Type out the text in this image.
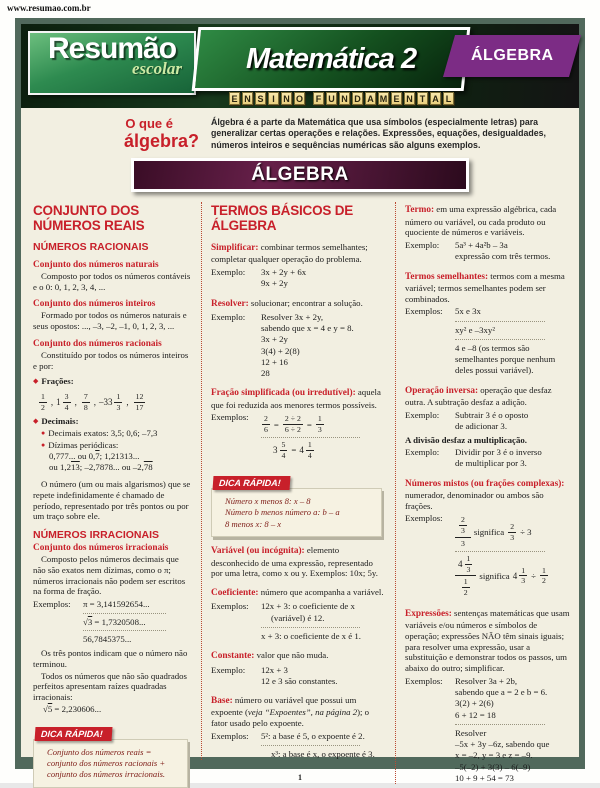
www.resumao.com.br
Resumão
escolar Matemática 2	ÁLGEBRA
E N S I N O	F U N D A M E N T A L
O que é
álgebra?
Álgebra é a parte da Matemática que usa símbolos (especialmente letras) para generalizar certas operações e relações. Expressões, equações, desigualdades, números inteiros e sequências numéricas são alguns exemplos.
ÁLGEBRA
CONJUNTO DOS NÚMEROS REAIS
NÚMEROS RACIONAIS
Conjunto dos números naturais
Composto por todos os números contáveis e o 0: 0, 1, 2, 3, 4, ...
Conjunto dos números inteiros
Formado por todos os números naturais e seus opostos: ..., –3, –2, –1, 0, 1, 2, 3, ...
Conjunto dos números racionais
Constituído por todos os números inteiros e por:
◆ Frações:
$\frac{1}{2}$ , $1 \frac{3}{4}$ , $\frac{7}{8}$ , $-33 \frac{1}{3}$ , $\frac{12}{17}$
◆ Decimais:
● Decimais exatos: 3,5; 0,6; –7,3
● Dízimas periódicas:
0,777... ou 0,7; 1,21313...
ou 1,213; –2,7878... ou –2,78
O número (um ou mais algarismos) que se repete indefinidamente é chamado de período, representado por três pontos ou por um traço sobre ele.
NÚMEROS IRRACIONAIS
Conjunto dos números irracionais
Composto pelos números decimais que não são exatos nem dízimas, como o π; números irracionais não podem ser escritos na forma de fração.
Exemplos:	π = 3,141592654...
√3 = 1,7320508...
56,7845375...
Os três pontos indicam que o número não terminou.
Todos os números que não são quadrados perfeitos apresentam raízes quadradas irracionais:
√5 = 2,230606...
DICA RÁPIDA!
Conjunto dos números reais = conjunto dos números racionais + conjunto dos números irracionais.
TERMOS BÁSICOS DE ÁLGEBRA
Simplificar: combinar termos semelhantes; completar qualquer operação do problema.
Exemplo:	3x + 2y + 6x
9x + 2y
Resolver: solucionar; encontrar a solução.
Exemplo:	Resolver 3x + 2y,
sabendo que x = 4 e y = 8.
3x + 2y
3(4) + 2(8)
12 + 16
28
Fração simplificada (ou irredutível): aquela que foi reduzida aos menores termos possíveis.
Exemplos:	$\frac{2}{6} = \frac{2 \div 2}{6 \div 2} = \frac{1}{3}$
$3 \frac{5}{4} = 4 \frac{1}{4}$
DICA RÁPIDA!
Número x menos 8: x – 8
Número b menos número a: b – a
8 menos x: 8 – x
Variável (ou incógnita): elemento desconhecido de uma expressão, representado por uma letra, como x ou y. Exemplos: 10x; 5y.
Coeficiente: número que acompanha a variável.
Exemplos:	12x + 3: o coeficiente de x
(variável) é 12.
x + 3: o coeficiente de x é 1.
Constante: valor que não muda.
Exemplo:	12x + 3
12 e 3 são constantes.
Base: número ou variável que possui um expoente (veja “Expoentes”, na página 2); o fator usado pelo expoente.
Exemplos:	5²: a base é 5, o expoente é 2.
x³: a base é x, o expoente é 3.
Termo: em uma expressão algébrica, cada número ou variável, ou cada produto ou quociente de números e variáveis.
Exemplo:	5a³ + 4a²b – 3a
expressão com três termos.
Termos semelhantes: termos com a mesma variável; termos semelhantes podem ser combinados.
Exemplos:	5x e 3x
xy² e –3xy²
4 e –8 (os termos são semelhantes porque nenhum deles possui variável).
Operação inversa: operação que desfaz outra. A subtração desfaz a adição.
Exemplo:	Subtrair 3 é o oposto
de adicionar 3.
A divisão desfaz a multiplicação.
Exemplo:	Dividir por 3 é o inverso
de multiplicar por 3.
Números mistos (ou frações complexas): numerador, denominador ou ambos são frações.
Exemplos:	$\frac{2}{3}$
3
significa $\frac{2}{3} \div 3$
$4 \frac{1}{3}$
$\frac{1}{2}$
significa $4 \frac{1}{3} \div \frac{1}{2}$
Expressões: sentenças matemáticas que usam variáveis e/ou números e símbolos de operação; expressões NÃO têm sinais iguais; para resolver uma expressão, usar a substituição e demonstrar todos os passos, um abaixo do outro; simplificar.
Exemplos:	Resolver 3a + 2b,
sabendo que a = 2 e b = 6.
3(2) + 2(6)
6 + 12 = 18
Resolver
–5x + 3y –6z, sabendo que
x = –2, y = 3 e z = –9.
–5(–2) + 3(3) – 6(–9)
10 + 9 + 54 = 73
1
